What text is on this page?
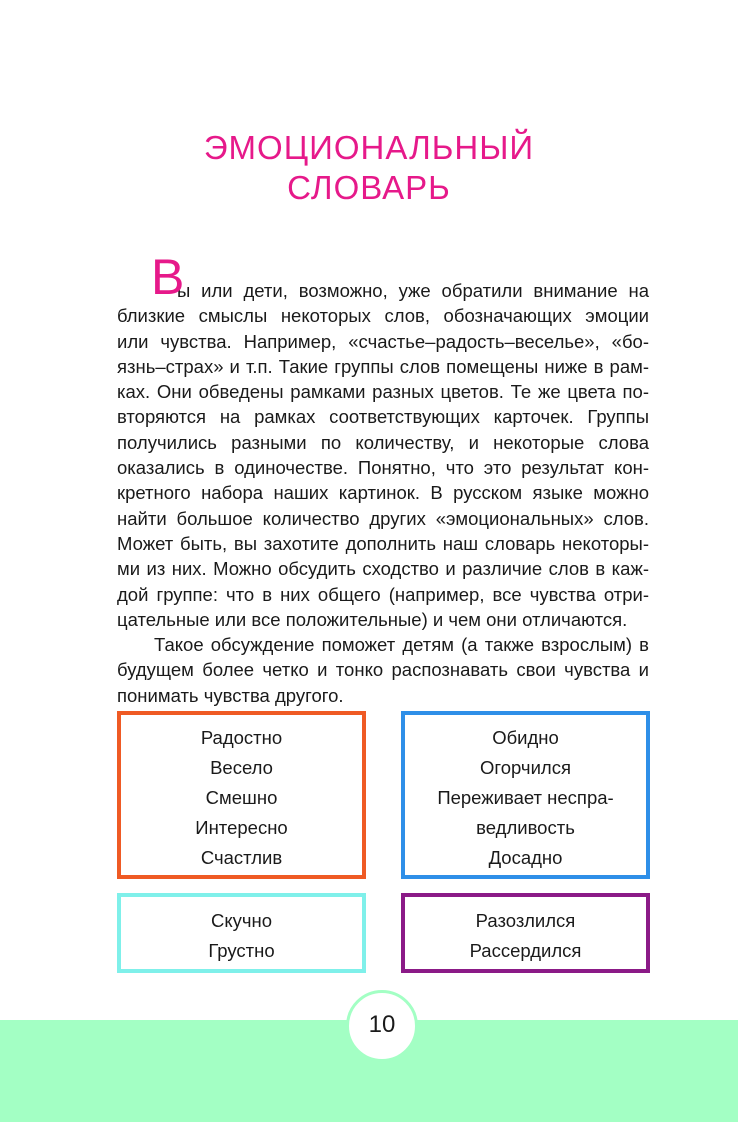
ЭМОЦИОНАЛЬНЫЙ
СЛОВАРЬ
В
ы или дети, возможно, уже обратили внимание на
близкие смыслы некоторых слов, обозначающих эмоции
или чувства. Например, «счастье–радость–веселье», «бо-
язнь–страх» и т.п. Такие группы слов помещены ниже в рам-
ках. Они обведены рамками разных цветов. Те же цвета по-
вторяются на рамках соответствующих карточек. Группы
получились разными по количеству, и некоторые слова
оказались в одиночестве. Понятно, что это результат кон-
кретного набора наших картинок. В русском языке можно
найти большое количество других «эмоциональных» слов.
Может быть, вы захотите дополнить наш словарь некоторы-
ми из них. Можно обсудить сходство и различие слов в каж-
дой группе: что в них общего (например, все чувства отри-
цательные или все положительные) и чем они отличаются.
Такое обсуждение поможет детям (а также взрослым) в
будущем более четко и тонко распознавать свои чувства и
понимать чувства другого.
Радостно
Весело
Смешно
Интересно
Счастлив
Обидно
Огорчился
Переживает неспра-
ведливость
Досадно
Скучно
Грустно
Разозлился
Рассердился
10
